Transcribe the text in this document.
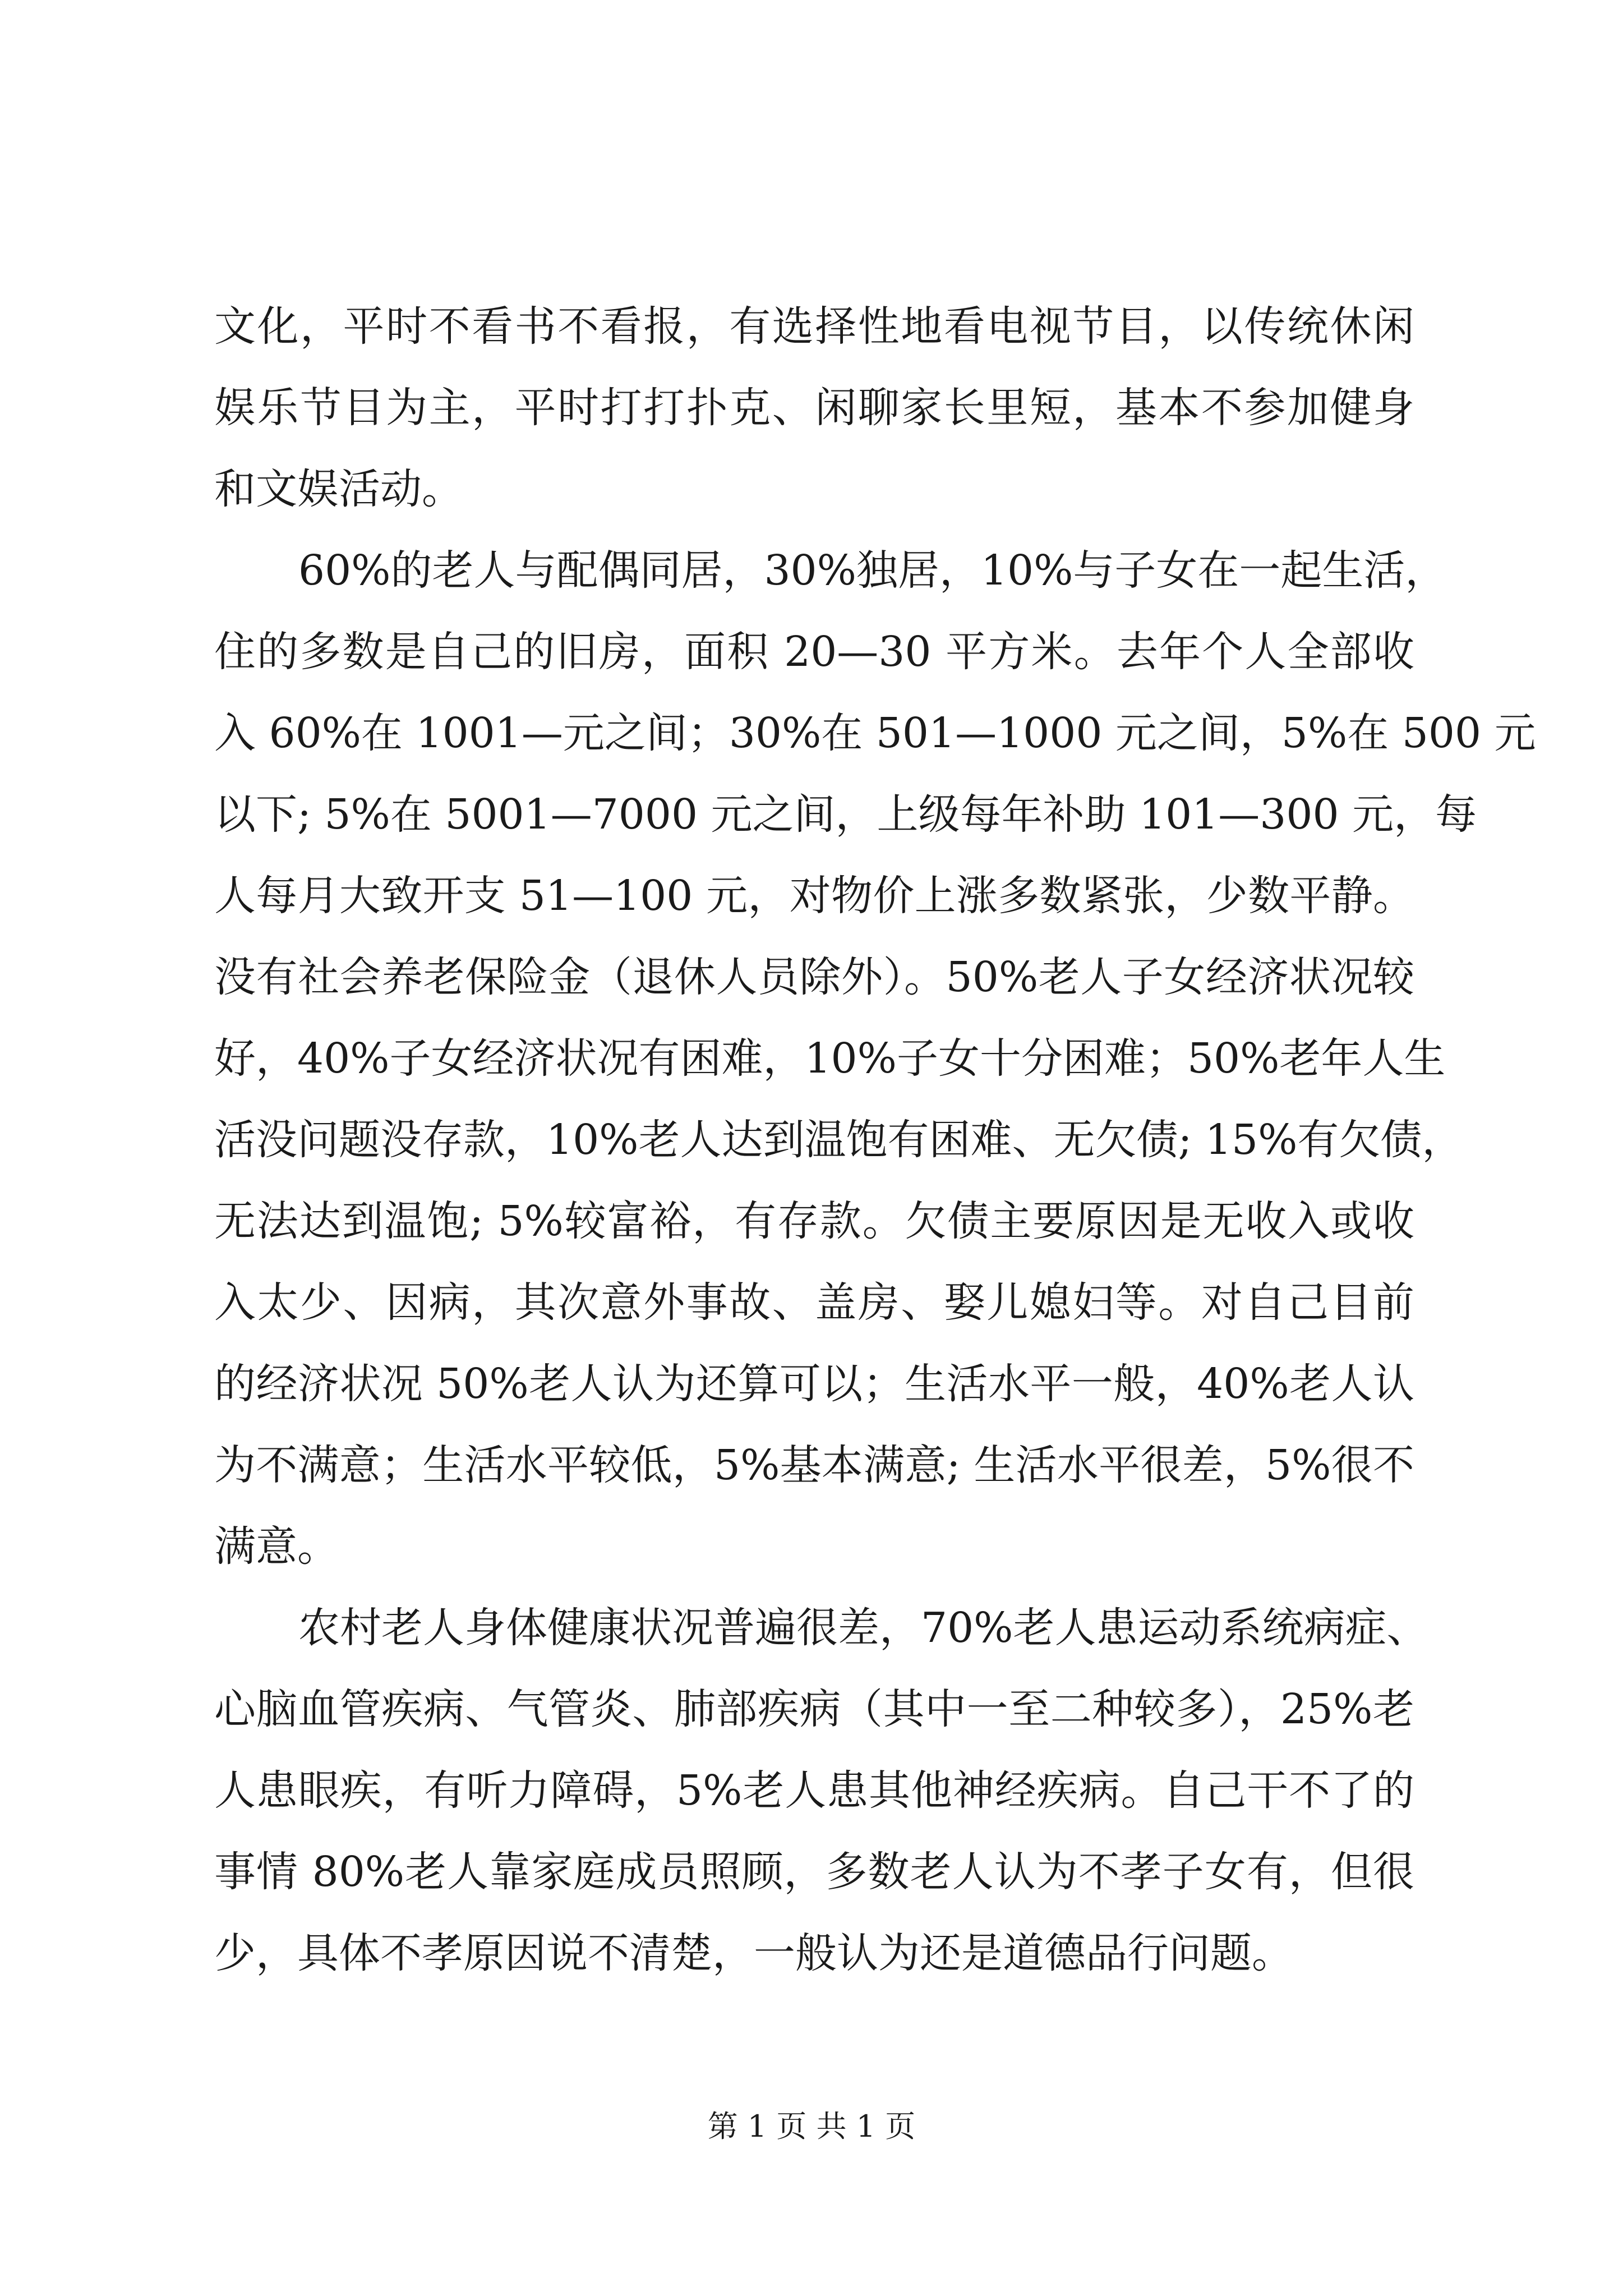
文化，平时不看书不看报，有选择性地看电视节目，以传统休闲
娱乐节目为主，平时打打扑克、闲聊家长里短，基本不参加健身
和文娱活动。
60%的老人与配偶同居，30%独居，10%与子女在一起生活，
住的多数是自己的旧房，面积 20—30 平方米。去年个人全部收
入 60%在 1001—元之间；30%在 501—1000 元之间，5%在 500 元
以下; 5%在 5001—7000 元之间，上级每年补助 101—300 元，每
人每月大致开支 51—100 元，对物价上涨多数紧张，少数平静。
没有社会养老保险金（退休人员除外）。50%老人子女经济状况较
好，40%子女经济状况有困难，10%子女十分困难；50%老年人生
活没问题没存款，10%老人达到温饱有困难、无欠债; 15%有欠债，
无法达到温饱; 5%较富裕，有存款。欠债主要原因是无收入或收
入太少、因病，其次意外事故、盖房、娶儿媳妇等。对自己目前
的经济状况 50%老人认为还算可以；生活水平一般，40%老人认
为不满意；生活水平较低，5%基本满意; 生活水平很差，5%很不
满意。
农村老人身体健康状况普遍很差，70%老人患运动系统病症、
心脑血管疾病、气管炎、肺部疾病（其中一至二种较多），25%老
人患眼疾，有听力障碍，5%老人患其他神经疾病。自己干不了的
事情 80%老人靠家庭成员照顾，多数老人认为不孝子女有，但很
少，具体不孝原因说不清楚，一般认为还是道德品行问题。
第 1 页 共 1 页
